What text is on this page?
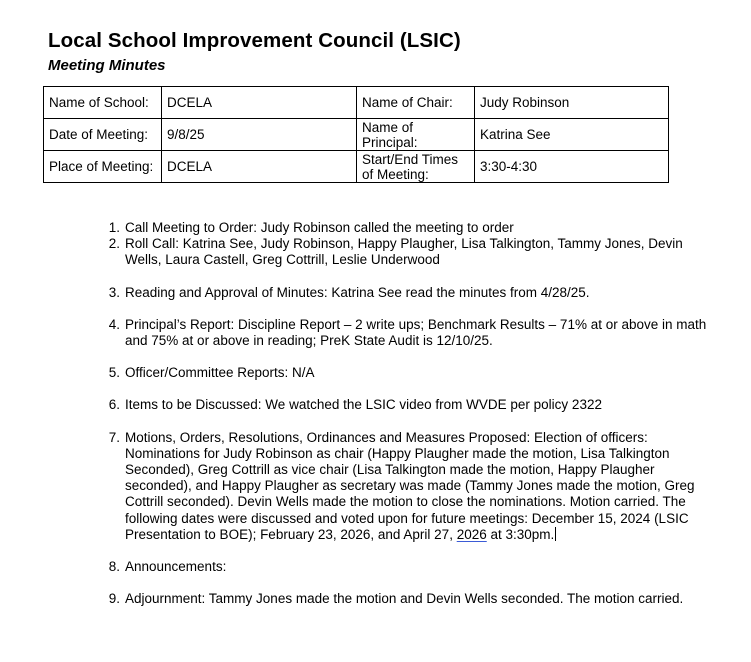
Local School Improvement Council (LSIC)
Meeting Minutes
Name of School:	DCELA	Name of Chair:	Judy Robinson
Date of Meeting:	9/8/25	Name of Principal:	Katrina See
Place of Meeting:	DCELA	Start/End Times of Meeting:	3:30-4:30
1. Call Meeting to Order: Judy Robinson called the meeting to order
2. Roll Call: Katrina See, Judy Robinson, Happy Plaugher, Lisa Talkington, Tammy Jones, Devin Wells, Laura Castell, Greg Cottrill, Leslie Underwood
3. Reading and Approval of Minutes: Katrina See read the minutes from 4/28/25.
4. Principal’s Report: Discipline Report – 2 write ups; Benchmark Results – 71% at or above in math and 75% at or above in reading; PreK State Audit is 12/10/25.
5. Officer/Committee Reports: N/A
6. Items to be Discussed: We watched the LSIC video from WVDE per policy 2322
7. Motions, Orders, Resolutions, Ordinances and Measures Proposed: Election of officers: Nominations for Judy Robinson as chair (Happy Plaugher made the motion, Lisa Talkington Seconded), Greg Cottrill as vice chair (Lisa Talkington made the motion, Happy Plaugher seconded), and Happy Plaugher as secretary was made (Tammy Jones made the motion, Greg Cottrill seconded). Devin Wells made the motion to close the nominations. Motion carried. The following dates were discussed and voted upon for future meetings: December 15, 2024 (LSIC Presentation to BOE); February 23, 2026, and April 27, 2026 at 3:30pm.
8. Announcements:
9. Adjournment: Tammy Jones made the motion and Devin Wells seconded. The motion carried.
